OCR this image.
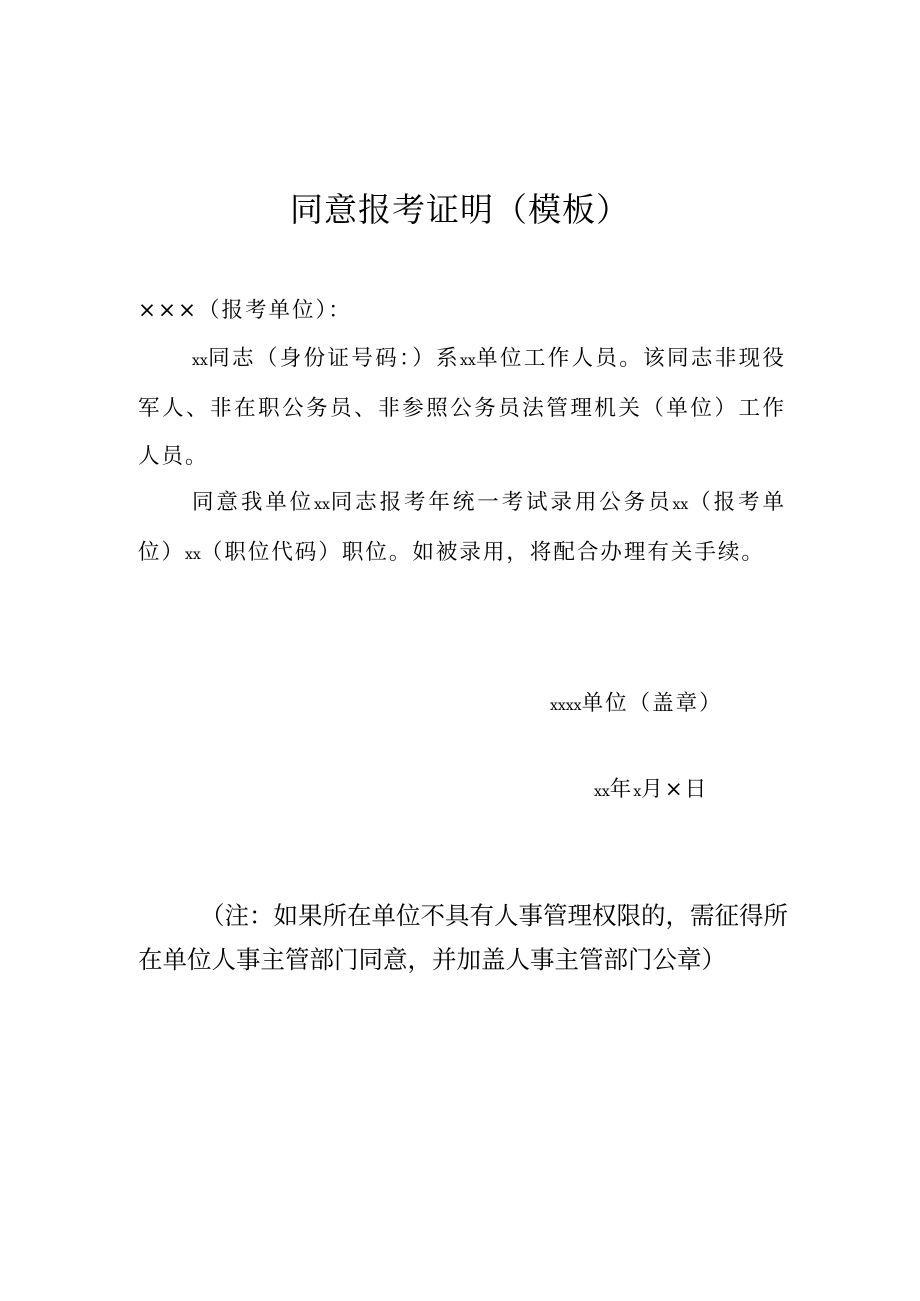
同意报考证明（模板）
×××（报考单位）：
xx同志（身份证号码：）系xx单位工作人员。该同志非现役军人、非在职公务员、非参照公务员法管理机关（单位）工作人员。
同意我单位xx同志报考年统一考试录用公务员xx（报考单位）xx（职位代码）职位。如被录用，将配合办理有关手续。
xxxx单位（盖章）
xx年x月×日
（注：如果所在单位不具有人事管理权限的，需征得所在单位人事主管部门同意，并加盖人事主管部门公章）
